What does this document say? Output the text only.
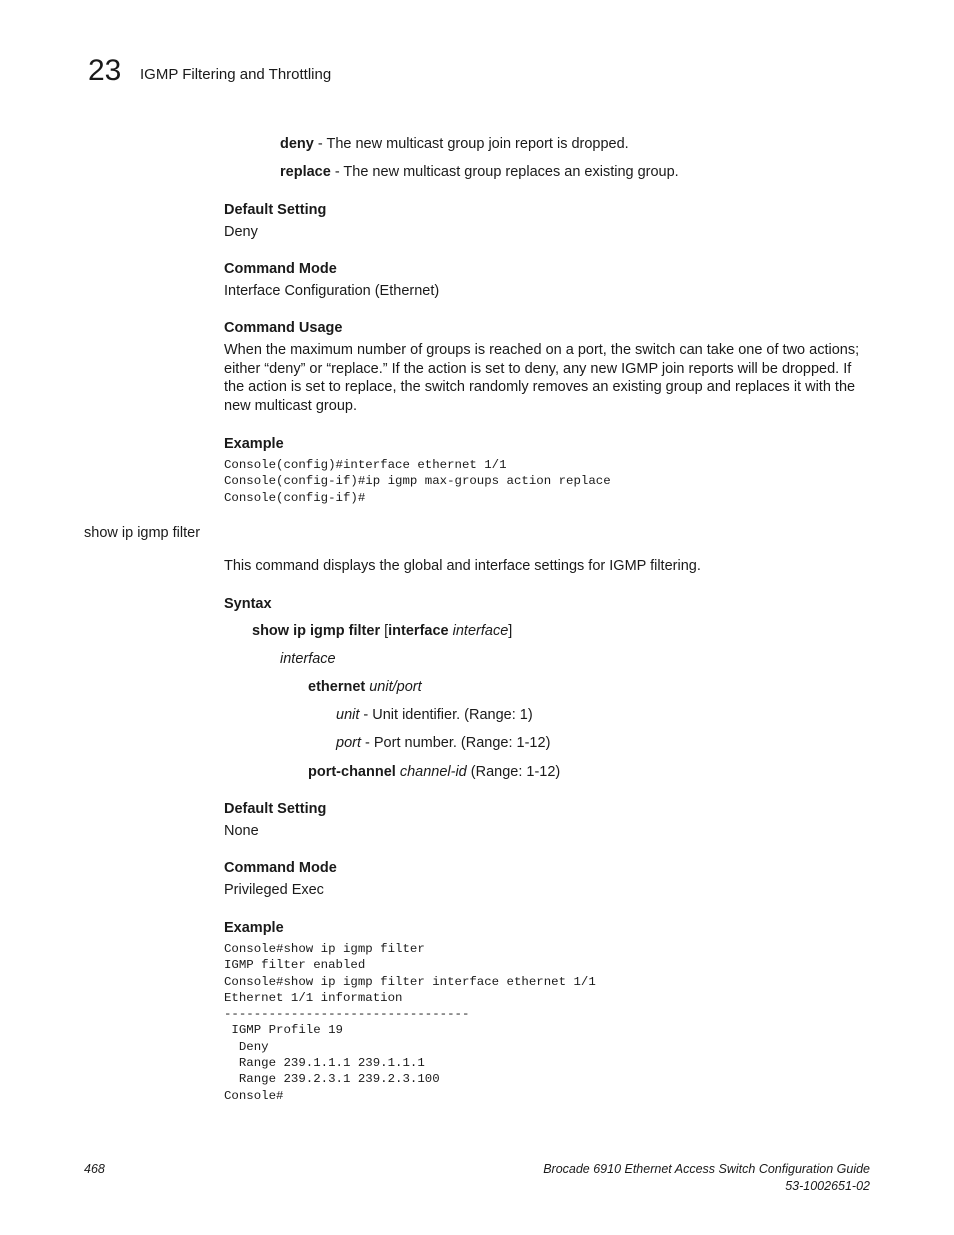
23 IGMP Filtering and Throttling
deny - The new multicast group join report is dropped.
replace - The new multicast group replaces an existing group.
Default Setting
Deny
Command Mode
Interface Configuration (Ethernet)
Command Usage
When the maximum number of groups is reached on a port, the switch can take one of two actions; either “deny” or “replace.” If the action is set to deny, any new IGMP join reports will be dropped. If the action is set to replace, the switch randomly removes an existing group and replaces it with the new multicast group.
Example
Console(config)#interface ethernet 1/1
Console(config-if)#ip igmp max-groups action replace
Console(config-if)#
show ip igmp filter
This command displays the global and interface settings for IGMP filtering.
Syntax
show ip igmp filter [interface interface]
interface
ethernet unit/port
unit - Unit identifier. (Range: 1)
port - Port number. (Range: 1-12)
port-channel channel-id (Range: 1-12)
Default Setting
None
Command Mode
Privileged Exec
Example
Console#show ip igmp filter
IGMP filter enabled
Console#show ip igmp filter interface ethernet 1/1
Ethernet 1/1 information
---------------------------------
IGMP Profile 19
Deny
Range 239.1.1.1 239.1.1.1
Range 239.2.3.1 239.2.3.100
Console#
468	Brocade 6910 Ethernet Access Switch Configuration Guide
53-1002651-02
